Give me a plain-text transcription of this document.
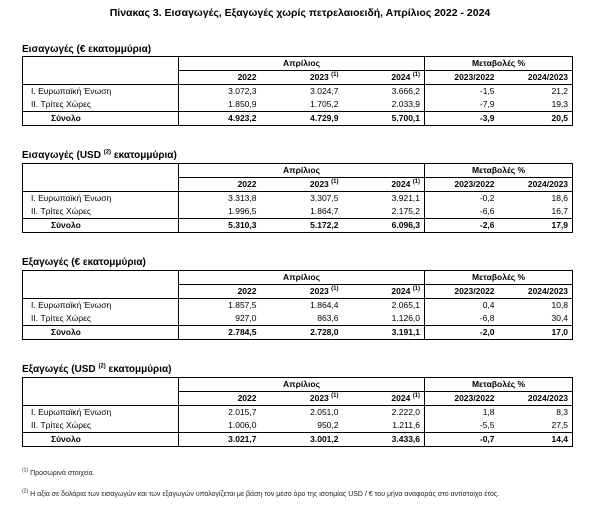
Πίνακας 3. Εισαγωγές, Εξαγωγές χωρίς πετρελαιοειδή, Απρίλιος 2022 - 2024
Εισαγωγές (€ εκατομμύρια)
	Απρίλιος			Μεταβολές %	
	2022	2023 $^{(1)}$	2024 $^{(1)}$	2023/2022	2024/2023
I. Ευρωπαϊκή Ένωση	3.072,3	3.024,7	3.666,2	-1,5	21,2
II. Τρίτες Χώρες	1.850,9	1.705,2	2.033,9	-7,9	19,3
Σύνολο	4.923,2	4.729,9	5.700,1	-3,9	20,5
Εισαγωγές (USD $^{(2)}$ εκατομμύρια)
	Απρίλιος			Μεταβολές %	
	2022	2023 $^{(1)}$	2024 $^{(1)}$	2023/2022	2024/2023
I. Ευρωπαϊκή Ένωση	3.313,8	3.307,5	3.921,1	-0,2	18,6
II. Τρίτες Χώρες	1.996,5	1.864,7	2.175,2	-6,6	16,7
Σύνολο	5.310,3	5.172,2	6.096,3	-2,6	17,9
Εξαγωγές (€ εκατομμύρια)
	Απρίλιος			Μεταβολές %	
	2022	2023 $^{(1)}$	2024 $^{(1)}$	2023/2022	2024/2023
I. Ευρωπαϊκή Ένωση	1.857,5	1.864,4	2.065,1	0,4	10,8
II. Τρίτες Χώρες	927,0	863,6	1.126,0	-6,8	30,4
Σύνολο	2.784,5	2.728,0	3.191,1	-2,0	17,0
Εξαγωγές (USD $^{(2)}$ εκατομμύρια)
	Απρίλιος			Μεταβολές %	
	2022	2023 $^{(1)}$	2024 $^{(1)}$	2023/2022	2024/2023
I. Ευρωπαϊκή Ένωση	2.015,7	2.051,0	2.222,0	1,8	8,3
II. Τρίτες Χώρες	1.006,0	950,2	1.211,6	-5,5	27,5
Σύνολο	3.021,7	3.001,2	3.433,6	-0,7	14,4
$^{(1)}$ Προσωρινά στοιχεία.
$^{(2)}$ Η αξία σε δολάρια των εισαγωγών και των εξαγωγών υπολογίζεται με βάση τον μέσο όρο της ισοτιμίας USD / € του μήνα αναφοράς στο αντίστοιχο έτος.
